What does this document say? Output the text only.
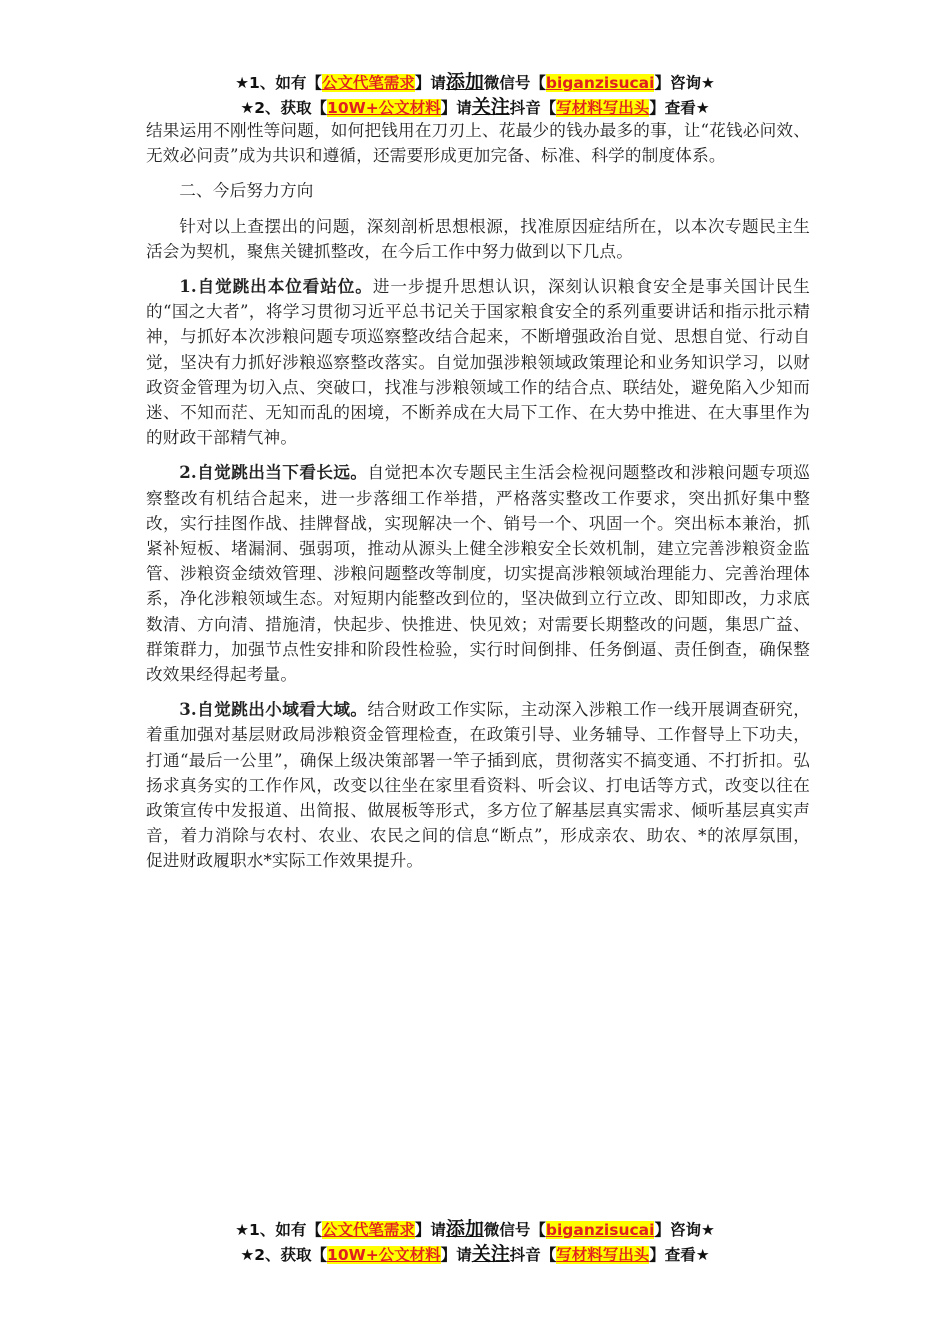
★1、如有【公文代笔需求】请添加微信号【biganzisucai】咨询★
★2、获取【10W+公文材料】请关注抖音【写材料写出头】查看★

结果运用不刚性等问题，如何把钱用在刀刃上、花最少的钱办最多的事，让“花钱必问效、无效必问责”成为共识和遵循，还需要形成更加完备、标准、科学的制度体系。

二、今后努力方向

针对以上查摆出的问题，深刻剖析思想根源，找准原因症结所在，以本次专题民主生活会为契机，聚焦关键抓整改，在今后工作中努力做到以下几点。

1.自觉跳出本位看站位。进一步提升思想认识，深刻认识粮食安全是事关国计民生的“国之大者”，将学习贯彻习近平总书记关于国家粮食安全的系列重要讲话和指示批示精神，与抓好本次涉粮问题专项巡察整改结合起来，不断增强政治自觉、思想自觉、行动自觉，坚决有力抓好涉粮巡察整改落实。自觉加强涉粮领域政策理论和业务知识学习，以财政资金管理为切入点、突破口，找准与涉粮领域工作的结合点、联结处，避免陷入少知而迷、不知而茫、无知而乱的困境，不断养成在大局下工作、在大势中推进、在大事里作为的财政干部精气神。

2.自觉跳出当下看长远。自觉把本次专题民主生活会检视问题整改和涉粮问题专项巡察整改有机结合起来，进一步落细工作举措，严格落实整改工作要求，突出抓好集中整改，实行挂图作战、挂牌督战，实现解决一个、销号一个、巩固一个。突出标本兼治，抓紧补短板、堵漏洞、强弱项，推动从源头上健全涉粮安全长效机制，建立完善涉粮资金监管、涉粮资金绩效管理、涉粮问题整改等制度，切实提高涉粮领域治理能力、完善治理体系，净化涉粮领域生态。对短期内能整改到位的，坚决做到立行立改、即知即改，力求底数清、方向清、措施清，快起步、快推进、快见效；对需要长期整改的问题，集思广益、群策群力，加强节点性安排和阶段性检验，实行时间倒排、任务倒逼、责任倒查，确保整改效果经得起考量。

3.自觉跳出小域看大域。结合财政工作实际，主动深入涉粮工作一线开展调查研究，着重加强对基层财政局涉粮资金管理检查，在政策引导、业务辅导、工作督导上下功夫，打通“最后一公里”，确保上级决策部署一竿子插到底，贯彻落实不搞变通、不打折扣。弘扬求真务实的工作作风，改变以往坐在家里看资料、听会议、打电话等方式，改变以往在政策宣传中发报道、出简报、做展板等形式，多方位了解基层真实需求、倾听基层真实声音，着力消除与农村、农业、农民之间的信息“断点”，形成亲农、助农、*的浓厚氛围，促进财政履职水*实际工作效果提升。

★1、如有【公文代笔需求】请添加微信号【biganzisucai】咨询★
★2、获取【10W+公文材料】请关注抖音【写材料写出头】查看★
